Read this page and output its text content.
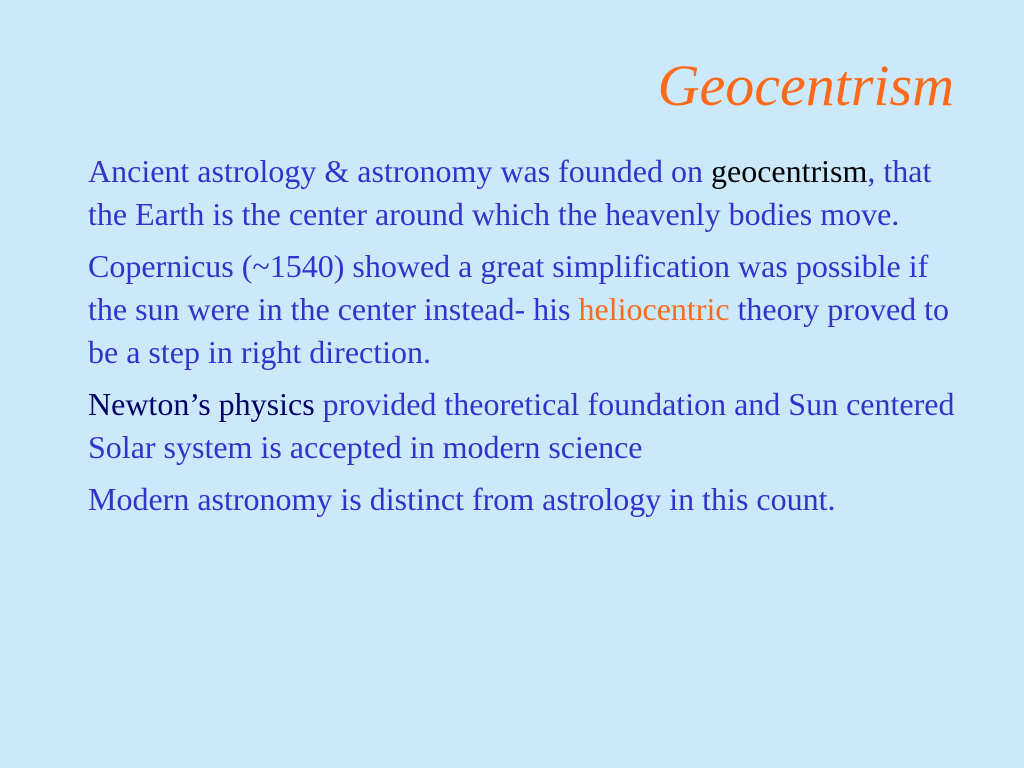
Geocentrism

Ancient astrology & astronomy was founded on geocentrism, that the Earth is the center around which the heavenly bodies move.

Copernicus (~1540) showed a great simplification was possible if the sun were in the center instead- his heliocentric theory proved to be a step in right direction.

Newton’s physics provided theoretical foundation and Sun centered Solar system is accepted in modern science

Modern astronomy is distinct from astrology in this count.
